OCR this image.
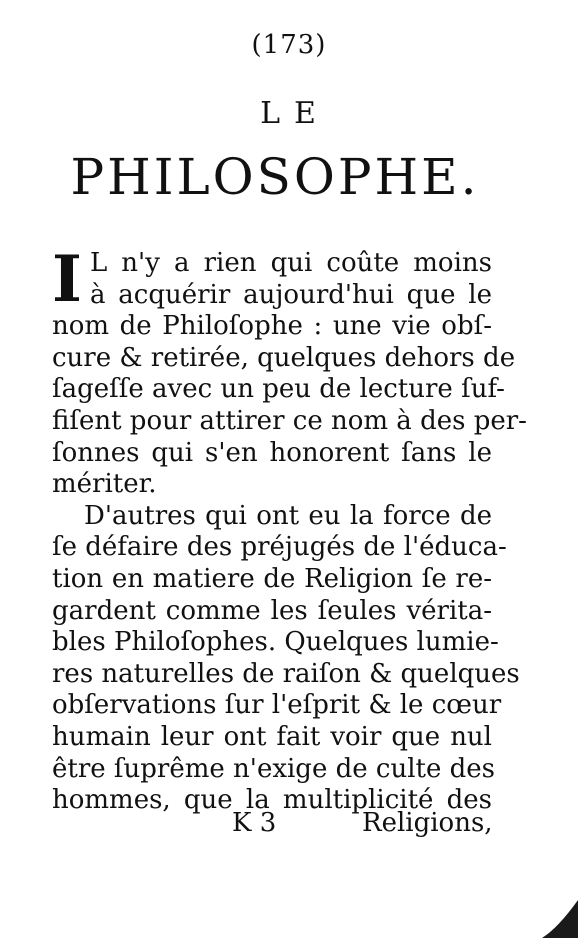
(173)
LE
PHILOSOPHE.
I L n'y a rien qui coûte moins
à acquérir aujourd'hui que le
nom de Philoſophe : une vie obſ-
cure & retirée, quelques dehors de
ſageſſe avec un peu de lecture ſuf-
fiſent pour attirer ce nom à des per-
ſonnes qui s'en honorent ſans le
mériter.
D'autres qui ont eu la force de
ſe défaire des préjugés de l'éduca-
tion en matiere de Religion ſe re-
gardent comme les ſeules vérita-
bles Philoſophes. Quelques lumie-
res naturelles de raiſon & quelques
obſervations ſur l'eſprit & le cœur
humain leur ont fait voir que nul
être ſuprême n'exige de culte des
hommes, que la multiplicité des
K 3	Religions,
